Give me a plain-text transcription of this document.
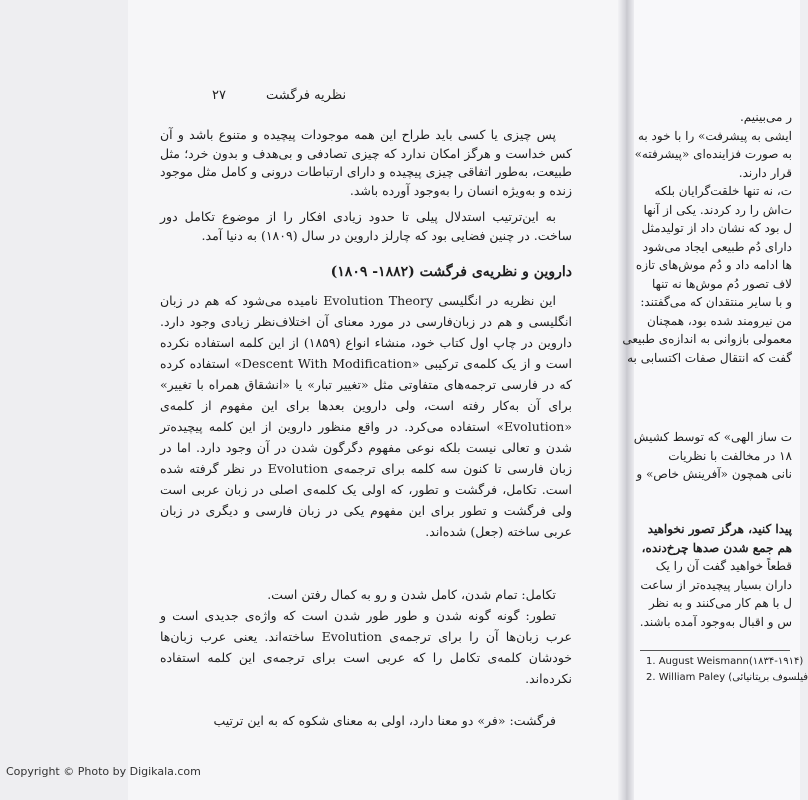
نظریه فرگشت
۲۷

پس چیزی یا کسی باید طراح این همه موجودات پیچیده و متنوع باشد و آن کس خداست و هرگز امکان ندارد که چیزی تصادفی و بی‌هدف و بدون خرد؛ مثل طبیعت، به‌طور اتفاقی چیزی پیچیده و دارای ارتباطات درونی و کامل مثل موجود زنده و به‌ویژه انسان را به‌وجود آورده باشد.

به این‌ترتیب استدلال پیلی تا حدود زیادی افکار را از موضوع تکامل دور ساخت. در چنین فضایی بود که چارلز داروین در سال (۱۸۰۹) به دنیا آمد.

داروین و نظریه‌ی فرگشت (۱۸۸۲- ۱۸۰۹)

این نظریه در انگلیسی Evolution Theory نامیده می‌شود که هم در زبان انگلیسی و هم در زبان‌فارسی در مورد معنای آن اختلاف‌نظر زیادی وجود دارد. داروین در چاپ اول کتاب خود، منشاء انواع (۱۸۵۹) از این کلمه استفاده نکرده است و از یک کلمه‌ی ترکیبی «Descent With Modification» استفاده کرده که در فارسی ترجمه‌های متفاوتی مثل «تغییر تبار» یا «انشقاق همراه با تغییر» برای آن به‌کار رفته است، ولی داروین بعدها برای این مفهوم از کلمه‌ی «Evolution» استفاده می‌کرد. در واقع منظور داروین از این کلمه پیچیده‌تر شدن و تعالی نیست بلکه نوعی مفهوم دگرگون شدن در آن وجود دارد. اما در زبان فارسی تا کنون سه کلمه برای ترجمه‌ی Evolution در نظر گرفته شده است. تکامل، فرگشت و تطور، که اولی یک کلمه‌ی اصلی در زبان عربی است ولی فرگشت و تطور برای این مفهوم یکی در زبان فارسی و دیگری در زبان عربی ساخته (جعل) شده‌اند.

تکامل: تمام شدن، کامل شدن و رو به کمال رفتن است.

تطور: گونه گونه شدن و طور طور شدن است که واژه‌ی جدیدی است و عرب زبان‌ها آن را برای ترجمه‌ی Evolution ساخته‌اند. یعنی عرب زبان‌ها خودشان کلمه‌ی تکامل را که عربی است برای ترجمه‌ی این کلمه استفاده نکرده‌اند.

فرگشت: «فر» دو معنا دارد، اولی به معنای شکوه که به این ترتیب

ر می‌بینیم.
ایشی به پیشرفت» را با خود به
به صورت فزاینده‌ای «پیشرفته»
قرار دارند.
ت، نه تنها خلقت‌گرایان بلکه
ت‌اش را رد کردند. یکی از آنها
ل بود که نشان داد از تولیدمثل
دارای دُم طبیعی ایجاد می‌شود
ها ادامه داد و دُم موش‌های تازه
لاف تصور دُم موش‌ها نه تنها
و با سایر منتقدان که می‌گفتند:
من نیرومند شده بود، همچنان
معمولی بازوانی به اندازه‌ی طبیعی
گفت که انتقال صفات اکتسابی به
ت ساز الهی» که توسط کشیش
۱۸ در مخالفت با نظریات
نانی همچون «آفرینش خاص» و
پیدا کنید، هرگز تصور نخواهید
هم جمع شدن صدها چرخ‌دنده،
قطعاً خواهید گفت آن را یک
داران بسیار پیچیده‌تر از ساعت
ل با هم کار می‌کنند و به نظر
س و اقبال به‌وجود آمده باشند.
1. August Weismann(۱۸۳۴-۱۹۱۴)
2. William Paley (فیلسوف بریتانیائی
Copyright © Photo by Digikala.com
